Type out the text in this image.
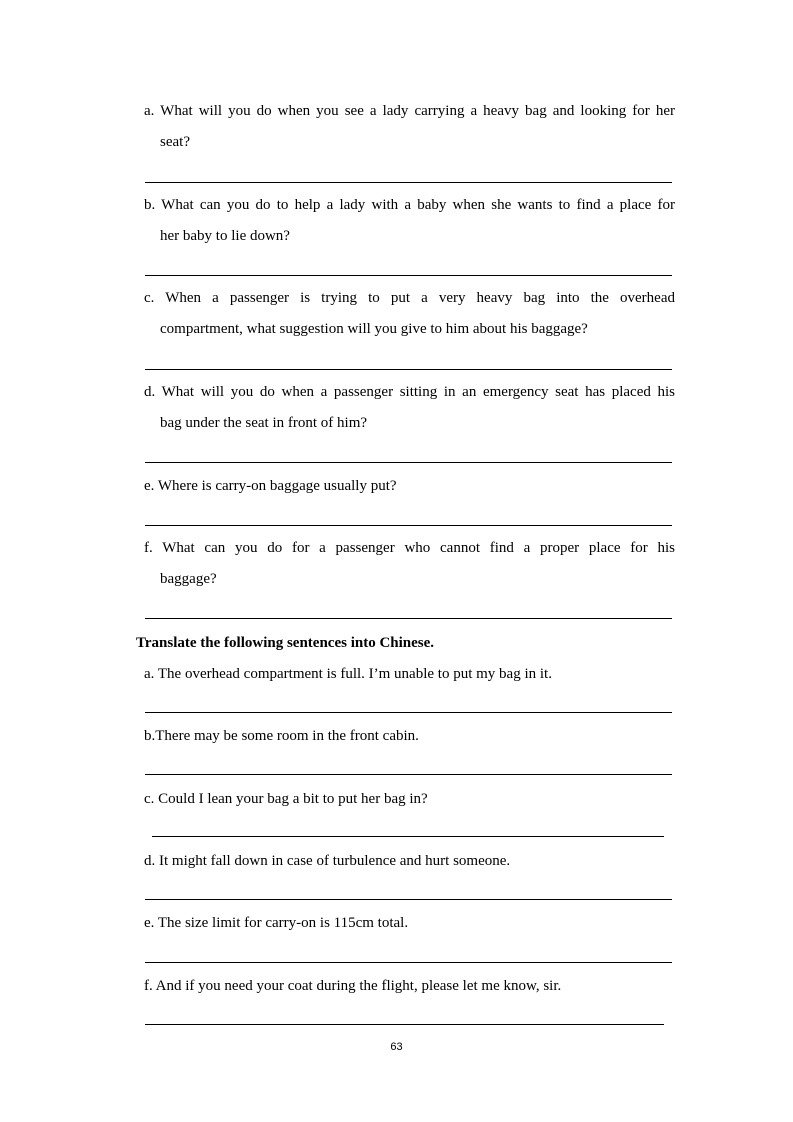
a. What will you do when you see a lady carrying a heavy bag and looking for her
seat?
b. What can you do to help a lady with a baby when she wants to find a place for
her baby to lie down?
c. When a passenger is trying to put a very heavy bag into the overhead
compartment, what suggestion will you give to him about his baggage?
d. What will you do when a passenger sitting in an emergency seat has placed his
bag under the seat in front of him?
e. Where is carry-on baggage usually put?
f. What can you do for a passenger who cannot find a proper place for his
baggage?
Translate the following sentences into Chinese.
a. The overhead compartment is full. I’m unable to put my bag in it.
b.There may be some room in the front cabin.
c. Could I lean your bag a bit to put her bag in?
d. It might fall down in case of turbulence and hurt someone.
e. The size limit for carry-on is 115cm total.
f. And if you need your coat during the flight, please let me know, sir.
63
